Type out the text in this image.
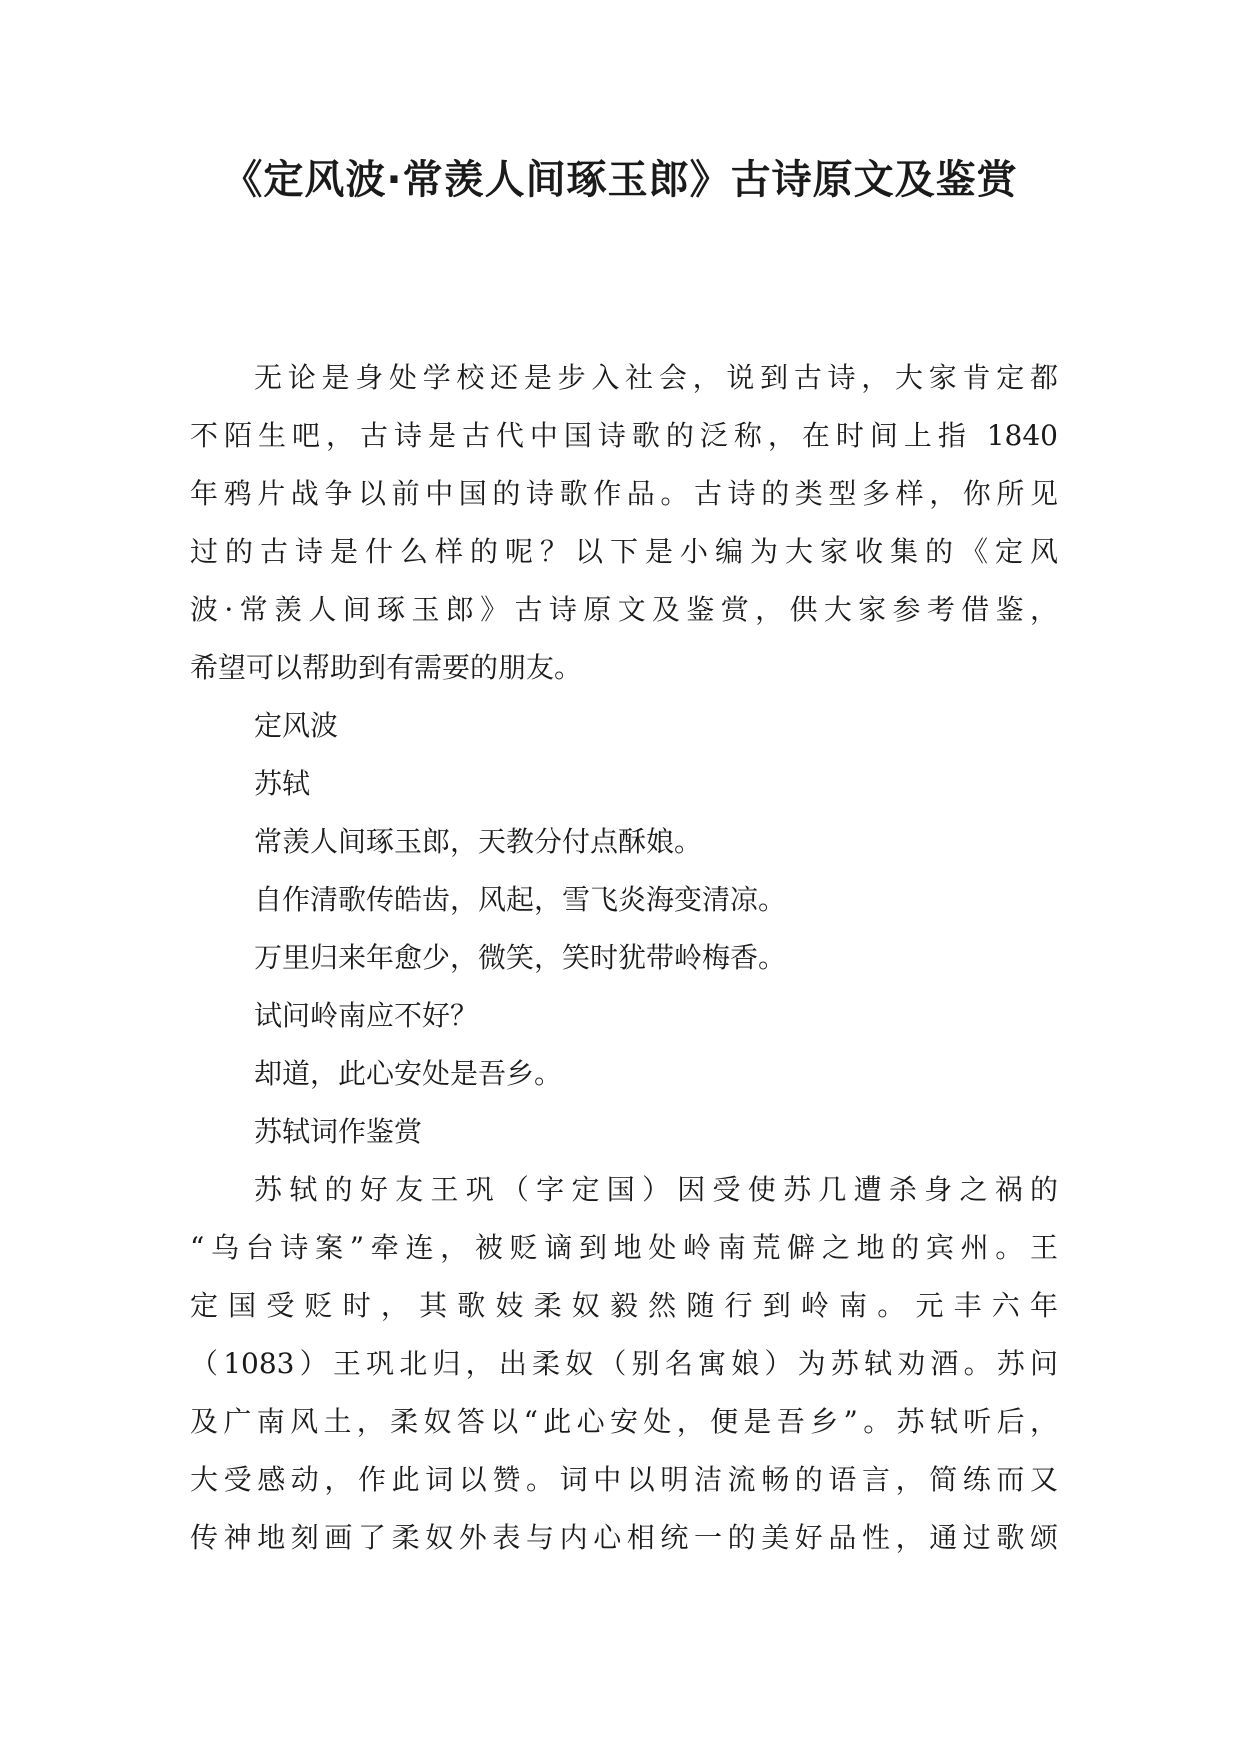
《定风波·常羡人间琢玉郎》古诗原文及鉴赏
无论是身处学校还是步入社会，说到古诗，大家肯定都
不陌生吧，古诗是古代中国诗歌的泛称，在时间上指 1840
年鸦片战争以前中国的诗歌作品。古诗的类型多样，你所见
过的古诗是什么样的呢？以下是小编为大家收集的《定风
波·常羡人间琢玉郎》古诗原文及鉴赏，供大家参考借鉴，
希望可以帮助到有需要的朋友。
定风波
苏轼
常羡人间琢玉郎，天教分付点酥娘。
自作清歌传皓齿，风起，雪飞炎海变清凉。
万里归来年愈少，微笑，笑时犹带岭梅香。
试问岭南应不好？
却道，此心安处是吾乡。
苏轼词作鉴赏
苏轼的好友王巩（字定国）因受使苏几遭杀身之祸的
“乌台诗案”牵连，被贬谪到地处岭南荒僻之地的宾州。王
定国受贬时，其歌妓柔奴毅然随行到岭南。元丰六年
（1083）王巩北归，出柔奴（别名寓娘）为苏轼劝酒。苏问
及广南风土，柔奴答以“此心安处，便是吾乡”。苏轼听后，
大受感动，作此词以赞。词中以明洁流畅的语言，简练而又
传神地刻画了柔奴外表与内心相统一的美好品性，通过歌颂
